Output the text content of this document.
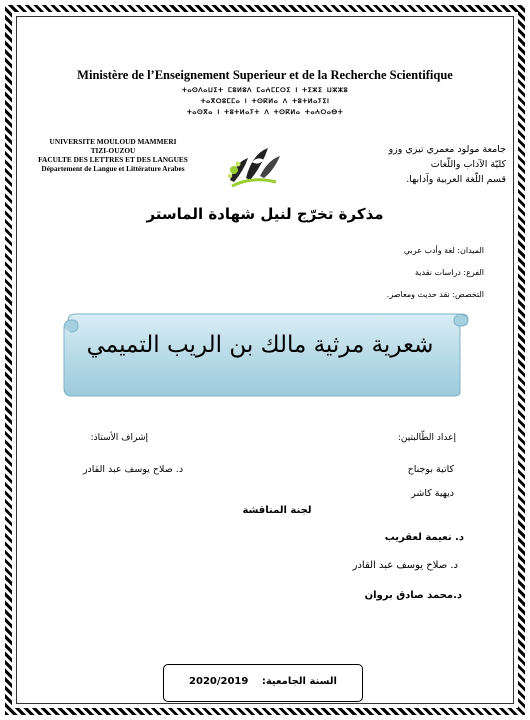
Ministère de l’Enseignement Superieur et de la Recherche Scientifique
ⵜⴰⵙⴷⴰⵡⵉⵜ ⵎⵓⵍⵓⴷ ⵎⴰⵄⵎⵎⵔⵉ ⵏ ⵜⵉⵣⵉ ⵡⵣⵣⵓ
ⵜⴰⴳⵔⵓⵎⵎⴰ ⵏ ⵜⵙⴽⵍⴰ ⴷ ⵜⵓⵜⵍⴰⵢⵉⵏ
ⵜⴰⵙⴳⴰ ⵏ ⵜⵓⵜⵍⴰⵢⵜ ⴷ ⵜⵙⴽⵍⴰ ⵜⴰⵄⵔⴰⴱⵜ
UNIVERSITE MOULOUD MAMMERI
TIZI-OUZOU
FACULTE DES LETTRES ET DES LANGUES
Département de Langue et Littérature Arabes
جامعة مولود معمري تيزي وزو
كليّة الآداب واللّغات
قسم اللّغة العربية وآدابها.
مذكرة تخرّج لنيل شهادة الماستر
الميدان: لغة وأدب عربي
الفرع: دراسات نقدية
التخصص: نقد حديث ومعاصر.
شعرية مرثية مالك بن الريب التميمي
إعداد الطّالبتين:
كاتية بوجناح
ديهية كاشر
إشراف الأستاذ:
د. صلاح يوسف عبد القادر
لجنة المناقشة
د. نعيمة لعقريب
د. صلاح يوسف عبد القادر
د.محمد صادق بروان
السنة الجامعية: 2020/2019
